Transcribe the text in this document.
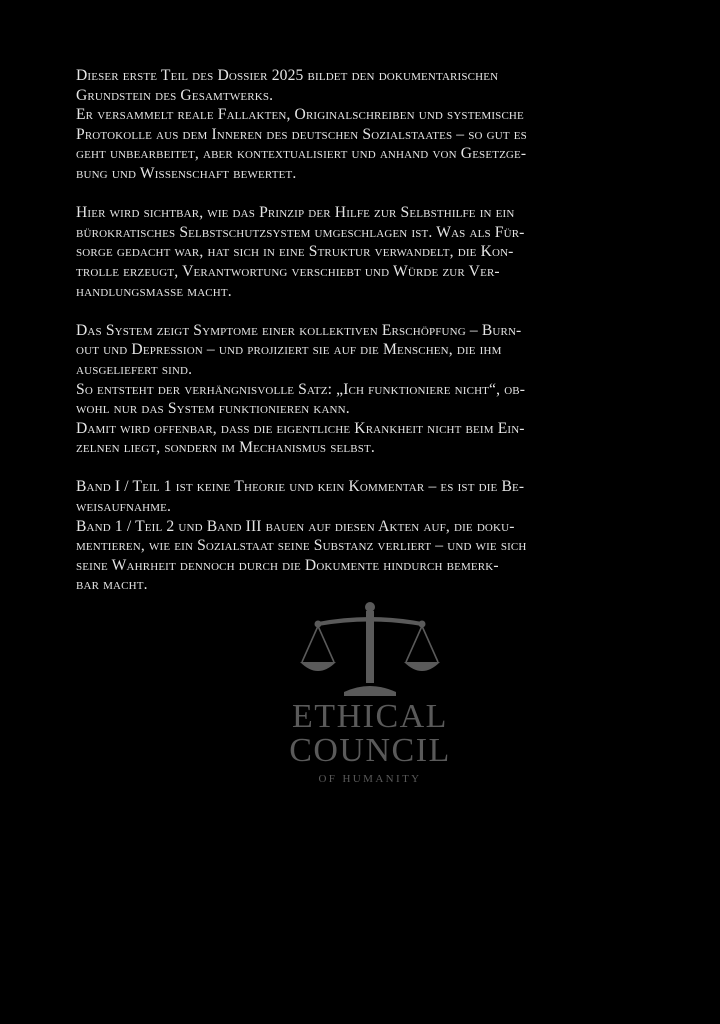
Dieser erste Teil des Dossier 2025 bildet den dokumentarischen
Grundstein des Gesamtwerks.
Er versammelt reale Fallakten, Originalschreiben und systemische
Protokolle aus dem Inneren des deutschen Sozialstaates – so gut es
geht unbearbeitet, aber kontextualisiert und anhand von Gesetzge-
bung und Wissenschaft bewertet.

Hier wird sichtbar, wie das Prinzip der Hilfe zur Selbsthilfe in ein
bürokratisches Selbstschutzsystem umgeschlagen ist. Was als Für-
sorge gedacht war, hat sich in eine Struktur verwandelt, die Kon-
trolle erzeugt, Verantwortung verschiebt und Würde zur Ver-
handlungsmasse macht.

Das System zeigt Symptome einer kollektiven Erschöpfung – Burn-
out und Depression – und projiziert sie auf die Menschen, die ihm
ausgeliefert sind.
So entsteht der verhängnisvolle Satz: „Ich funktioniere nicht“, ob-
wohl nur das System funktionieren kann.
Damit wird offenbar, dass die eigentliche Krankheit nicht beim Ein-
zelnen liegt, sondern im Mechanismus selbst.

Band I / Teil 1 ist keine Theorie und kein Kommentar – es ist die Be-
weisaufnahme.
Band 1 / Teil 2 und Band III bauen auf diesen Akten auf, die doku-
mentieren, wie ein Sozialstaat seine Substanz verliert – und wie sich
seine Wahrheit dennoch durch die Dokumente hindurch bemerk-
bar macht.

ETHICAL
COUNCIL
OF HUMANITY
